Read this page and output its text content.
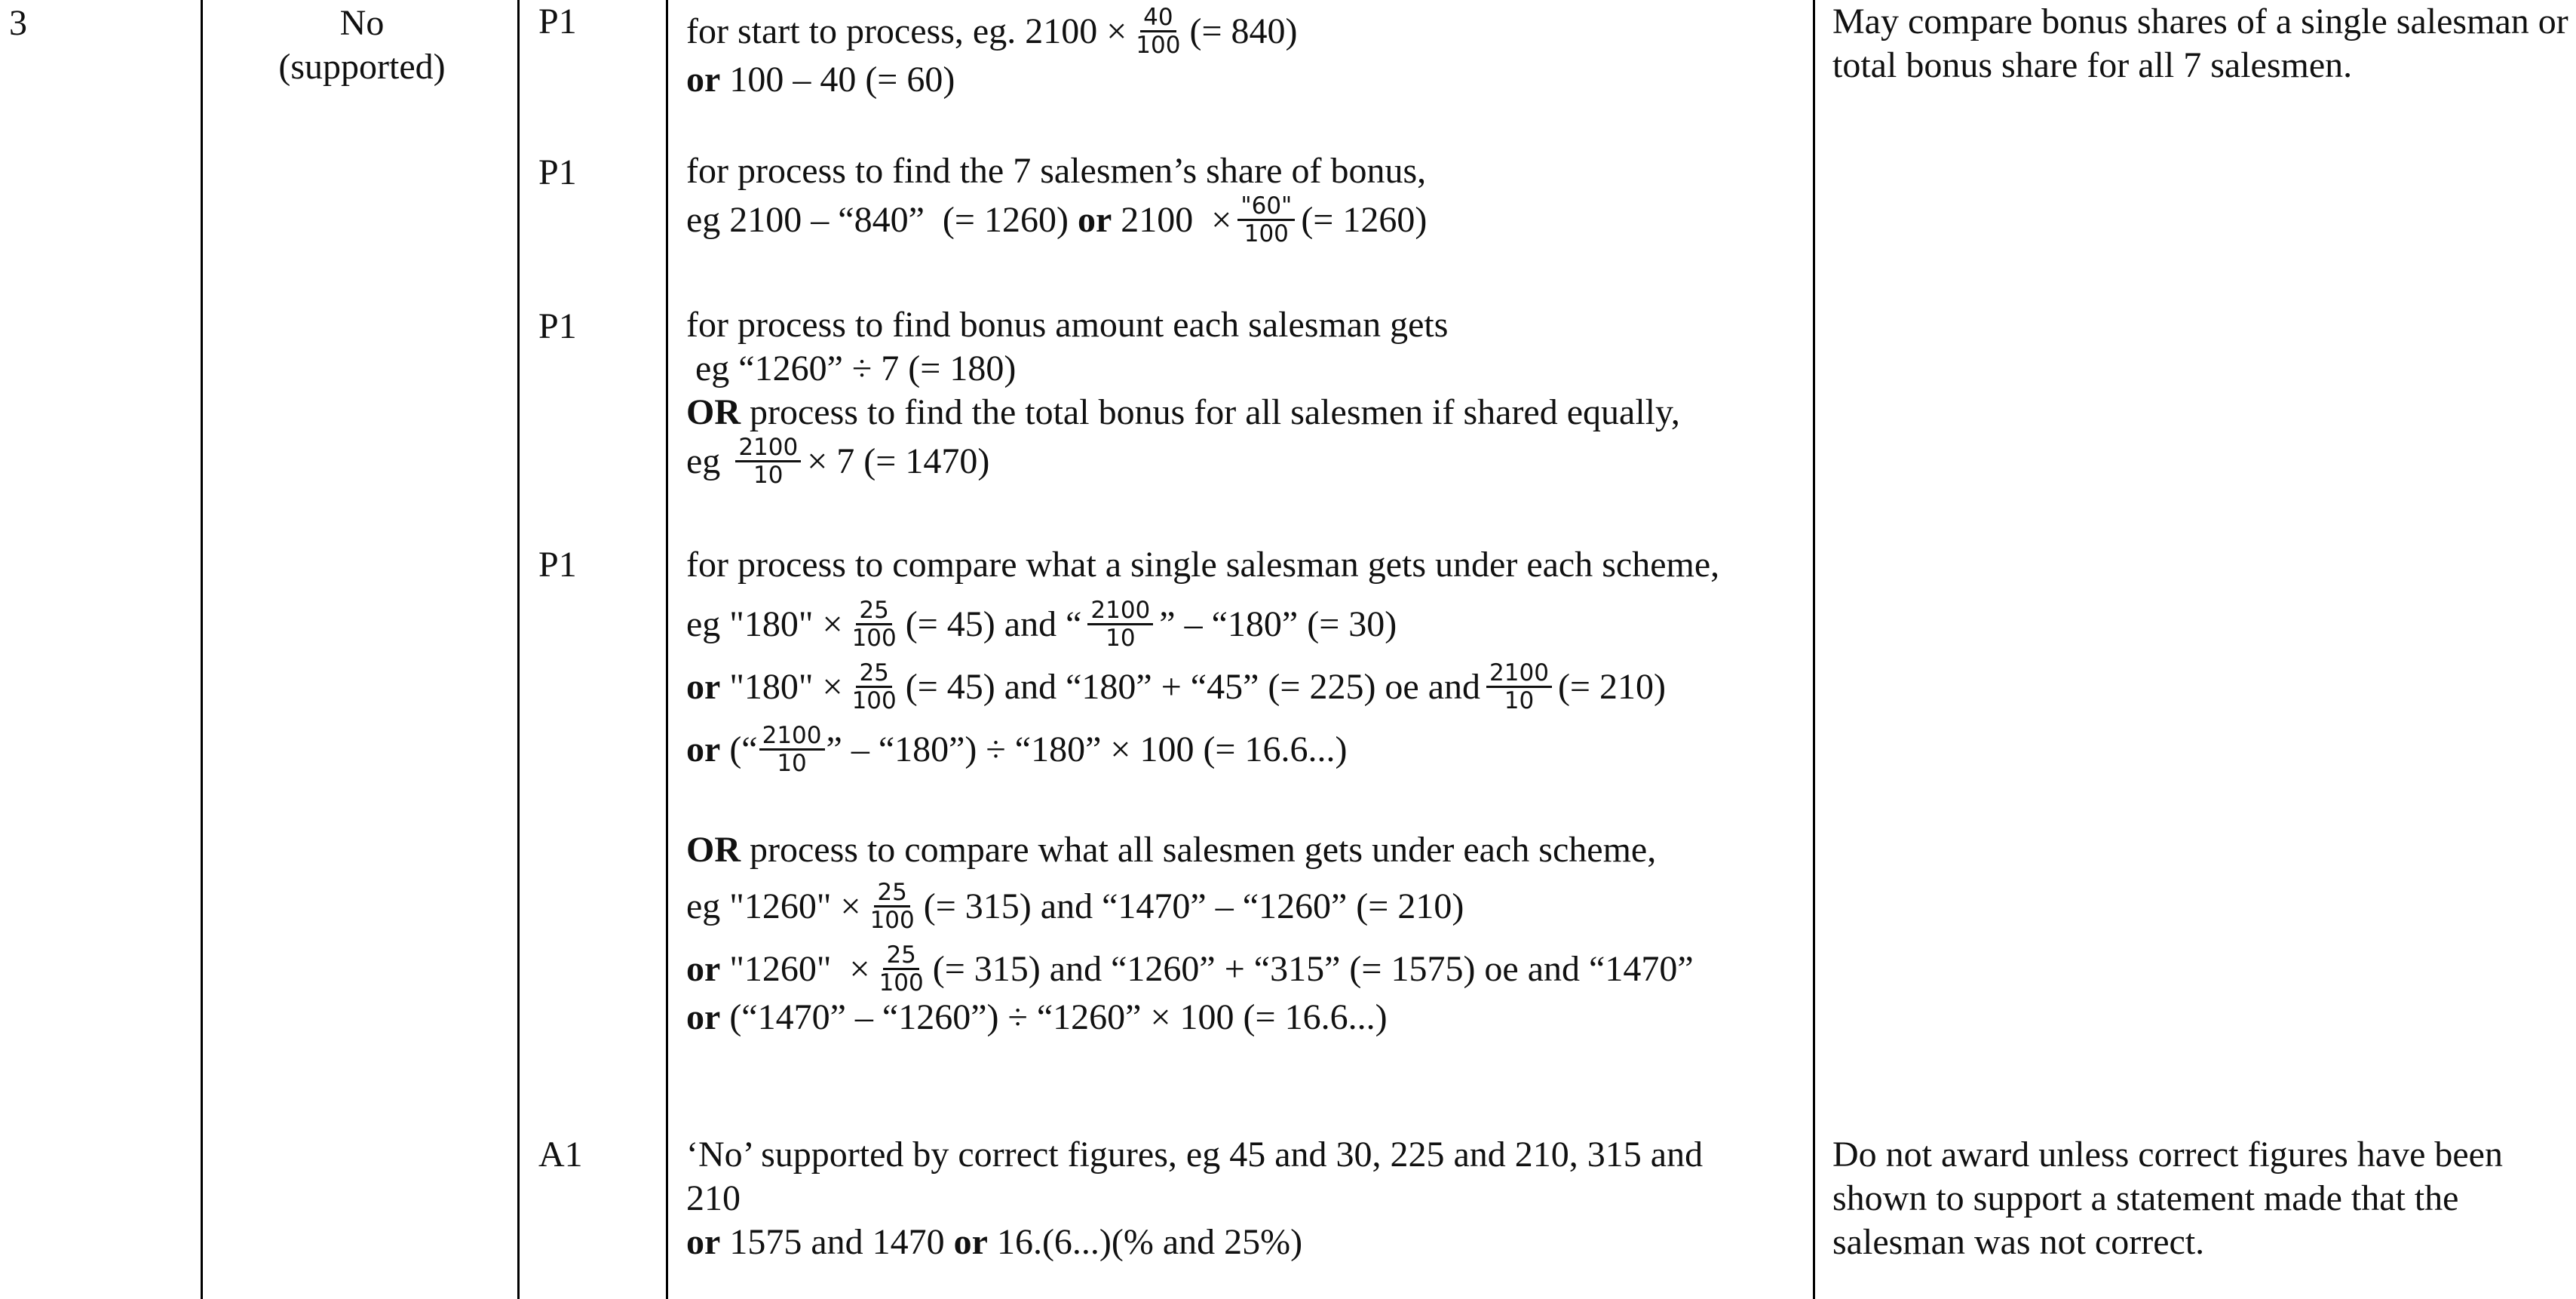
3	No
(supported)
P1
P1
P1
P1
A1
May compare bonus shares of a single salesman or total bonus share for all 7 salesmen.
Do not award unless correct figures have been shown to support a statement made that the salesman was not correct.
for start to process, eg. $2100 \times \frac{40}{100}$ (= 840)
or 100 – 40 (= 60)
for process to find the 7 salesmen’s share of bonus,
eg 2100 – “840”  (= 1260) or $2100 \times \frac{"60"}{100}$ (= 1260)
for process to find bonus amount each salesman gets
eg “1260” ÷ 7 (= 180)
OR process to find the total bonus for all salesmen if shared equally,
eg $\frac{2100}{10} \times 7$ (= 1470)
for process to compare what a single salesman gets under each scheme,
eg "180" × $\frac{25}{100}$ (= 45) and “ $\frac{2100}{10}$ ” – “180” (= 30)
or "180" × $\frac{25}{100}$ (= 45) and “180” + “45” (= 225) oe and $\frac{2100}{10}$ (= 210)
or (“ $\frac{2100}{10}$ ” – “180”) ÷ “180” × 100 (= 16.6...)
OR process to compare what all salesmen gets under each scheme,
eg "1260" × $\frac{25}{100}$ (= 315) and “1470” – “1260” (= 210)
or "1260"  × $\frac{25}{100}$ (= 315) and “1260” + “315” (= 1575) oe and “1470”
or (“1470” – “1260”) ÷ “1260” × 100 (= 16.6...)
‘No’ supported by correct figures, eg 45 and 30, 225 and 210, 315 and
210
or 1575 and 1470 or 16.(6...)(% and 25%)
